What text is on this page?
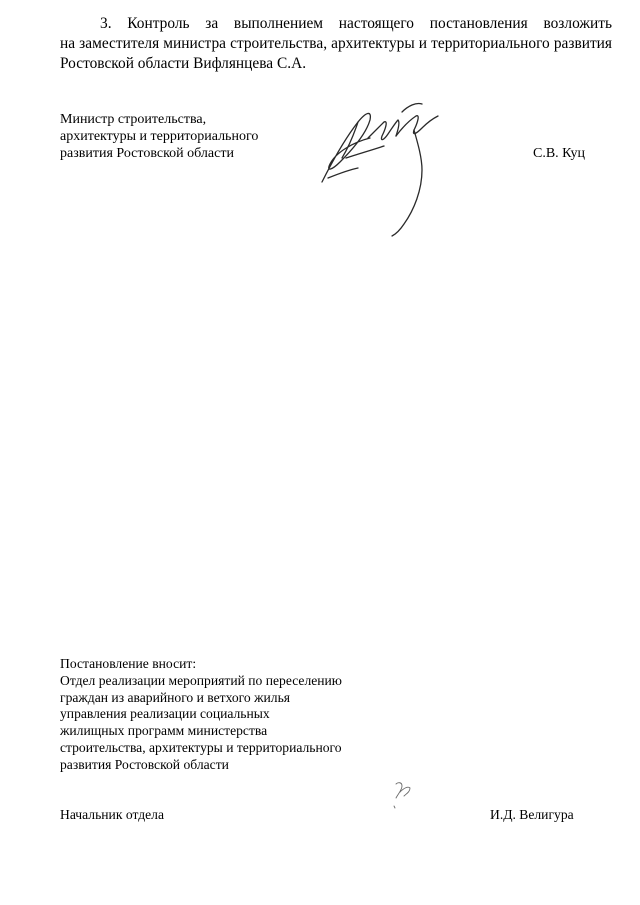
3. Контроль за выполнением настоящего постановления возложить
на заместителя министра строительства, архитектуры и территориального развития
Ростовской области Вифлянцева С.А.
Министр строительства,
архитектуры и территориального
развития Ростовской области	С.В. Куц
Постановление вносит:
Отдел реализации мероприятий по переселению
граждан из аварийного и ветхого жилья
управления реализации социальных
жилищных программ министерства
строительства, архитектуры и территориального
развития Ростовской области
Начальник отдела	И.Д. Велигура
